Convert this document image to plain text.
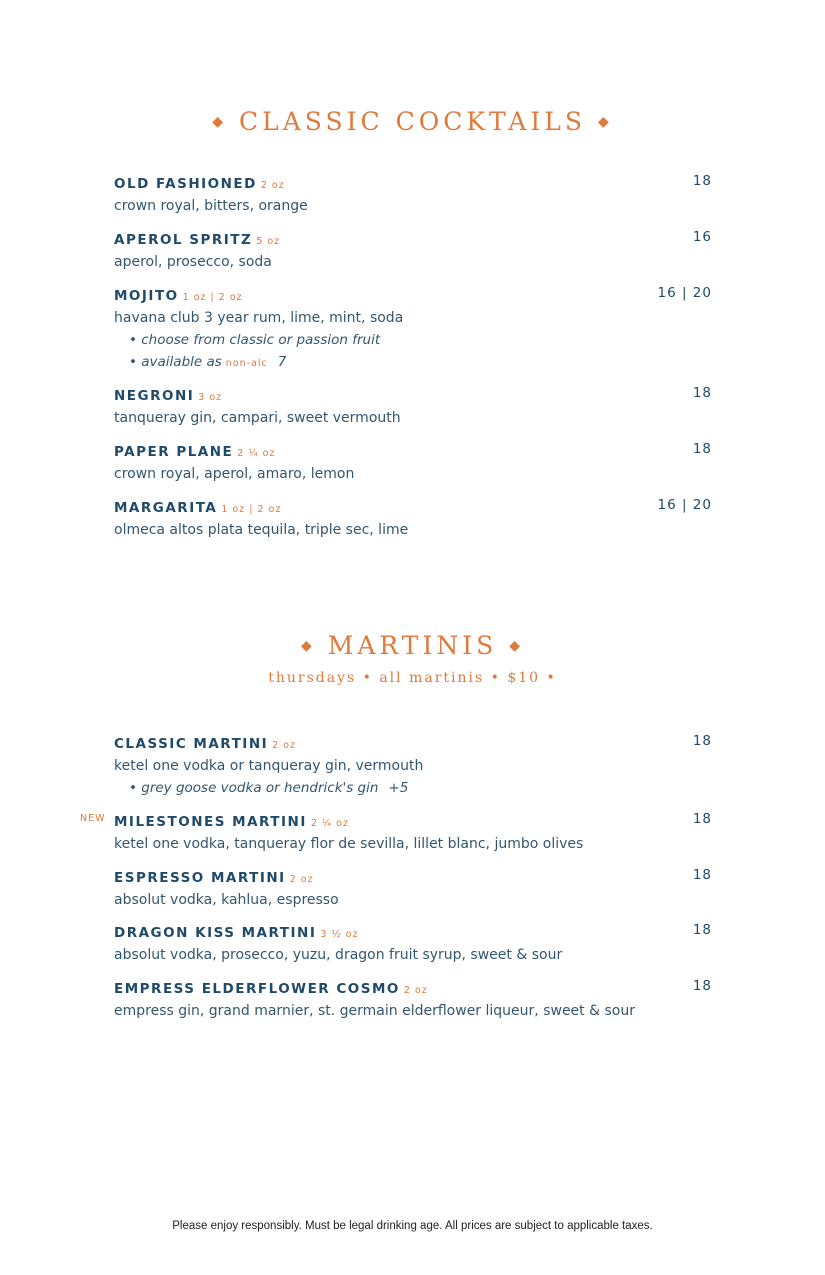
◆ CLASSIC COCKTAILS ◆
OLD FASHIONED 2 oz	18
crown royal, bitters, orange
APEROL SPRITZ 5 oz	16
aperol, prosecco, soda
MOJITO 1 oz | 2 oz	16 | 20
havana club 3 year rum, lime, mint, soda
• choose from classic or passion fruit
• available as non-alc 7
NEGRONI 3 oz	18
tanqueray gin, campari, sweet vermouth
PAPER PLANE 2 ¼ oz	18
crown royal, aperol, amaro, lemon
MARGARITA 1 oz | 2 oz	16 | 20
olmeca altos plata tequila, triple sec, lime
◆ MARTINIS ◆
thursdays • all martinis • $10 •
CLASSIC MARTINI 2 oz	18
ketel one vodka or tanqueray gin, vermouth
• grey goose vodka or hendrick's gin +5
NEW MILESTONES MARTINI 2 ¼ oz	18
ketel one vodka, tanqueray flor de sevilla, lillet blanc, jumbo olives
ESPRESSO MARTINI 2 oz	18
absolut vodka, kahlua, espresso
DRAGON KISS MARTINI 3 ½ oz	18
absolut vodka, prosecco, yuzu, dragon fruit syrup, sweet & sour
EMPRESS ELDERFLOWER COSMO 2 oz	18
empress gin, grand marnier, st. germain elderflower liqueur, sweet & sour
Please enjoy responsibly. Must be legal drinking age. All prices are subject to applicable taxes.
